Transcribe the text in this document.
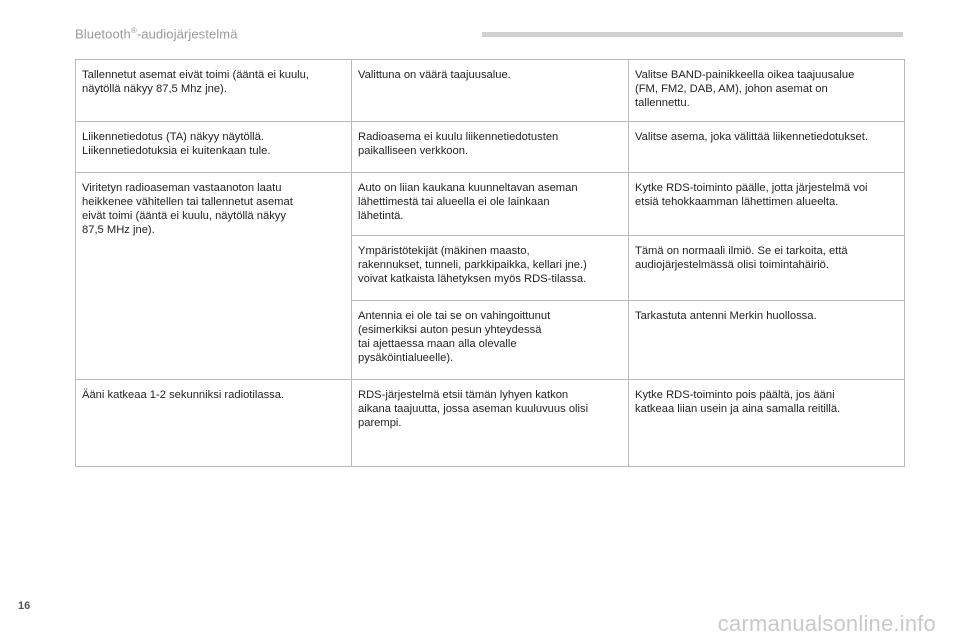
Bluetooth®-audiojärjestelmä
Tallennetut asemat eivät toimi (ääntä ei kuulu,
näytöllä näkyy 87,5 Mhz jne).	Valittuna on väärä taajuusalue.	Valitse BAND-painikkeella oikea taajuusalue
(FM, FM2, DAB, AM), johon asemat on
tallennettu.
Liikennetiedotus (TA) näkyy näytöllä.
Liikennetiedotuksia ei kuitenkaan tule.	Radioasema ei kuulu liikennetiedotusten
paikalliseen verkkoon.	Valitse asema, joka välittää liikennetiedotukset.
Viritetyn radioaseman vastaanoton laatu
heikkenee vähitellen tai tallennetut asemat
eivät toimi (ääntä ei kuulu, näytöllä näkyy
87,5 MHz jne).	Auto on liian kaukana kuunneltavan aseman
lähettimestä tai alueella ei ole lainkaan
lähetintä.	Kytke RDS-toiminto päälle, jotta järjestelmä voi
etsiä tehokkaamman lähettimen alueelta.
	Ympäristötekijät (mäkinen maasto,
rakennukset, tunneli, parkkipaikka, kellari jne.)
voivat katkaista lähetyksen myös RDS-tilassa.	Tämä on normaali ilmiö. Se ei tarkoita, että
audiojärjestelmässä olisi toimintahäiriö.
	Antennia ei ole tai se on vahingoittunut
(esimerkiksi auton pesun yhteydessä
tai ajettaessa maan alla olevalle
pysäköintialueelle).	Tarkastuta antenni Merkin huollossa.
Ääni katkeaa 1-2 sekunniksi radiotilassa.	RDS-järjestelmä etsii tämän lyhyen katkon
aikana taajuutta, jossa aseman kuuluvuus olisi
parempi.	Kytke RDS-toiminto pois päältä, jos ääni
katkeaa liian usein ja aina samalla reitillä.
16
carmanualsonline.info
